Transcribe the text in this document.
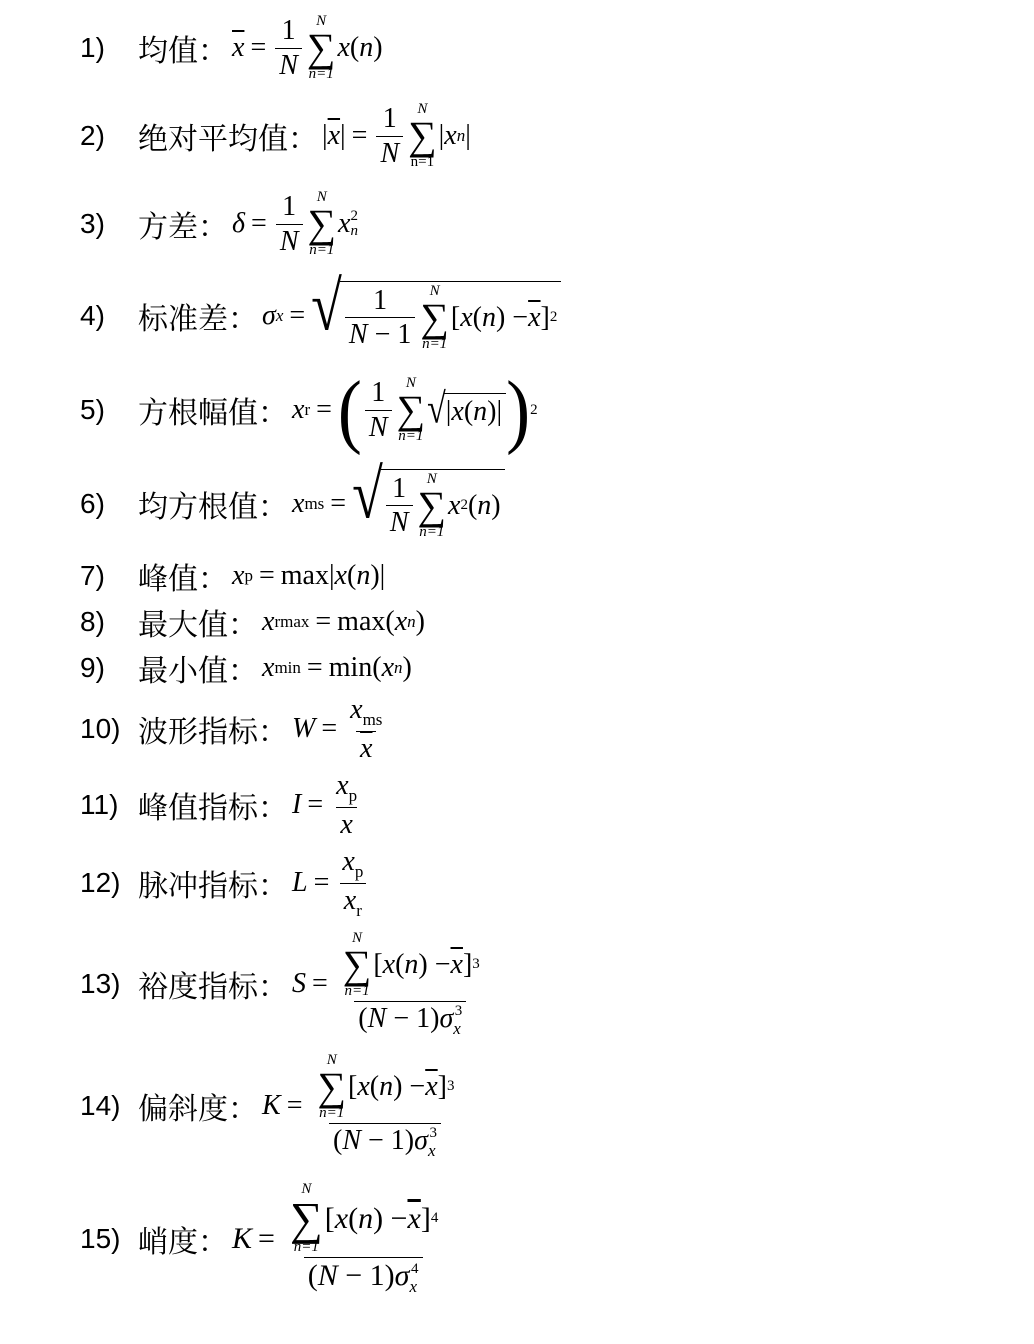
1)	均值： $\overline{x} = \frac{1}{N}$ N
∑
n=1
x ( n )
2)	绝对平均值： | $\overline{x}$ | = $\frac{1}{N}$ N
∑
n=1
| x n |
3)	方差： $\delta = \frac{1}{N}$ N
∑
n=1
x 2
n
4)	标准差： σ x = √ $\frac{1}{N - 1}$ N
∑
n=1
[ x ( n ) − $\overline{x}$ ] 2
5)	方根幅值： x r = ( $\frac{1}{N}$ N
∑
n=1
√ | x ( n )| ) 2
6)	均方根值： x ms = √ $\frac{1}{N}$ N
∑
n=1
x 2 ( n )
7)	峰值： x p = max| x ( n )|
8)	最大值： x rmax = max( x n )
9)	最小值： x min = min( x n )
10) 波形指标： $W = \frac{x_{ms}}{x}$
11) 峰值指标： $I = \frac{x_p}{x}$
12) 脉冲指标： $L = \frac{x_p}{x_r}$
13) 裕度指标： S = N
∑
n=1
[ x ( n ) − $\overline{x}$ ] 3
$(N - 1)\sigma_x^3$
14) 偏斜度： K = N
∑
n=1
[ x ( n ) − $\overline{x}$ ] 3
$(N - 1)\sigma_x^3$
15) 峭度： K = N
∑
n=1
[ x ( n ) − $\overline{x}$ ] 4
$(N - 1)\sigma_x^4$
